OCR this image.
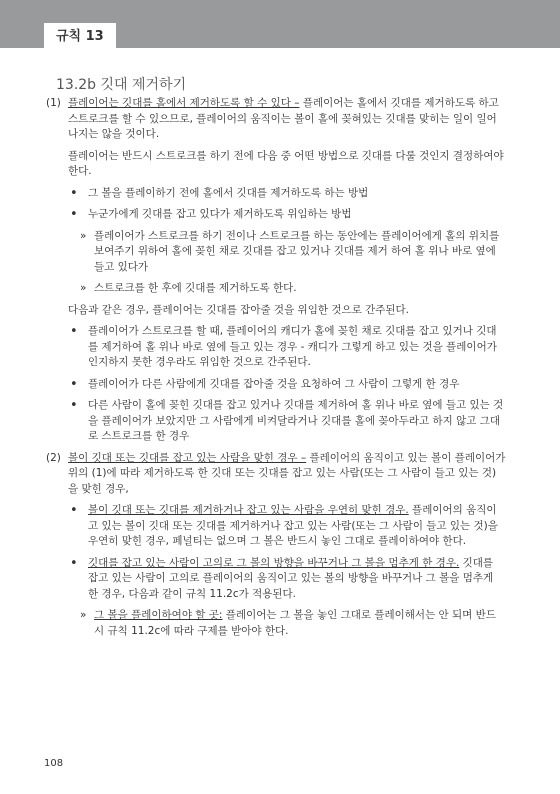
규칙 13
13.2b 깃대 제거하기
(1) 플레이어는 깃대를 홀에서 제거하도록 할 수 있다 – 플레이어는 홀에서 깃대를 제거하도록 하고 스트로크를 할 수 있으므로, 플레이어의 움직이는 볼이 홀에 꽂혀있는 깃대를 맞히는 일이 일어나지는 않을 것이다.
플레이어는 반드시 스트로크를 하기 전에 다음 중 어떤 방법으로 깃대를 다룰 것인지 결정하여야 한다.
• 그 볼을 플레이하기 전에 홀에서 깃대를 제거하도록 하는 방법
• 누군가에게 깃대를 잡고 있다가 제거하도록 위임하는 방법
» 플레이어가 스트로크를 하기 전이나 스트로크를 하는 동안에는 플레이어에게 홀의 위치를 보여주기 위하여 홀에 꽂힌 채로 깃대를 잡고 있거나 깃대를 제거 하여 홀 위나 바로 옆에 들고 있다가
» 스트로크를 한 후에 깃대를 제거하도록 한다.
다음과 같은 경우, 플레이어는 깃대를 잡아줄 것을 위임한 것으로 간주된다.
• 플레이어가 스트로크를 할 때, 플레이어의 캐디가 홀에 꽂힌 채로 깃대를 잡고 있거나 깃대를 제거하여 홀 위나 바로 옆에 들고 있는 경우 - 캐디가 그렇게 하고 있는 것을 플레이어가 인지하지 못한 경우라도 위임한 것으로 간주된다.
• 플레이어가 다른 사람에게 깃대를 잡아줄 것을 요청하여 그 사람이 그렇게 한 경우
• 다른 사람이 홀에 꽂힌 깃대를 잡고 있거나 깃대를 제거하여 홀 위나 바로 옆에 들고 있는 것을 플레이어가 보았지만 그 사람에게 비켜달라거나 깃대를 홀에 꽂아두라고 하지 않고 그대로 스트로크를 한 경우
(2) 볼이 깃대 또는 깃대를 잡고 있는 사람을 맞힌 경우 – 플레이어의 움직이고 있는 볼이 플레이어가 위의 (1)에 따라 제거하도록 한 깃대 또는 깃대를 잡고 있는 사람(또는 그 사람이 들고 있는 것)을 맞힌 경우,
• 볼이 깃대 또는 깃대를 제거하거나 잡고 있는 사람을 우연히 맞힌 경우. 플레이어의 움직이고 있는 볼이 깃대 또는 깃대를 제거하거나 잡고 있는 사람(또는 그 사람이 들고 있는 것)을 우연히 맞힌 경우, 페널티는 없으며 그 볼은 반드시 놓인 그대로 플레이하여야 한다.
• 깃대를 잡고 있는 사람이 고의로 그 볼의 방향을 바꾸거나 그 볼을 멈추게 한 경우. 깃대를 잡고 있는 사람이 고의로 플레이어의 움직이고 있는 볼의 방향을 바꾸거나 그 볼을 멈추게 한 경우, 다음과 같이 규칙 11.2c가 적용된다.
» 그 볼을 플레이하여야 할 곳: 플레이어는 그 볼을 놓인 그대로 플레이해서는 안 되며 반드시 규칙 11.2c에 따라 구제를 받아야 한다.
108
